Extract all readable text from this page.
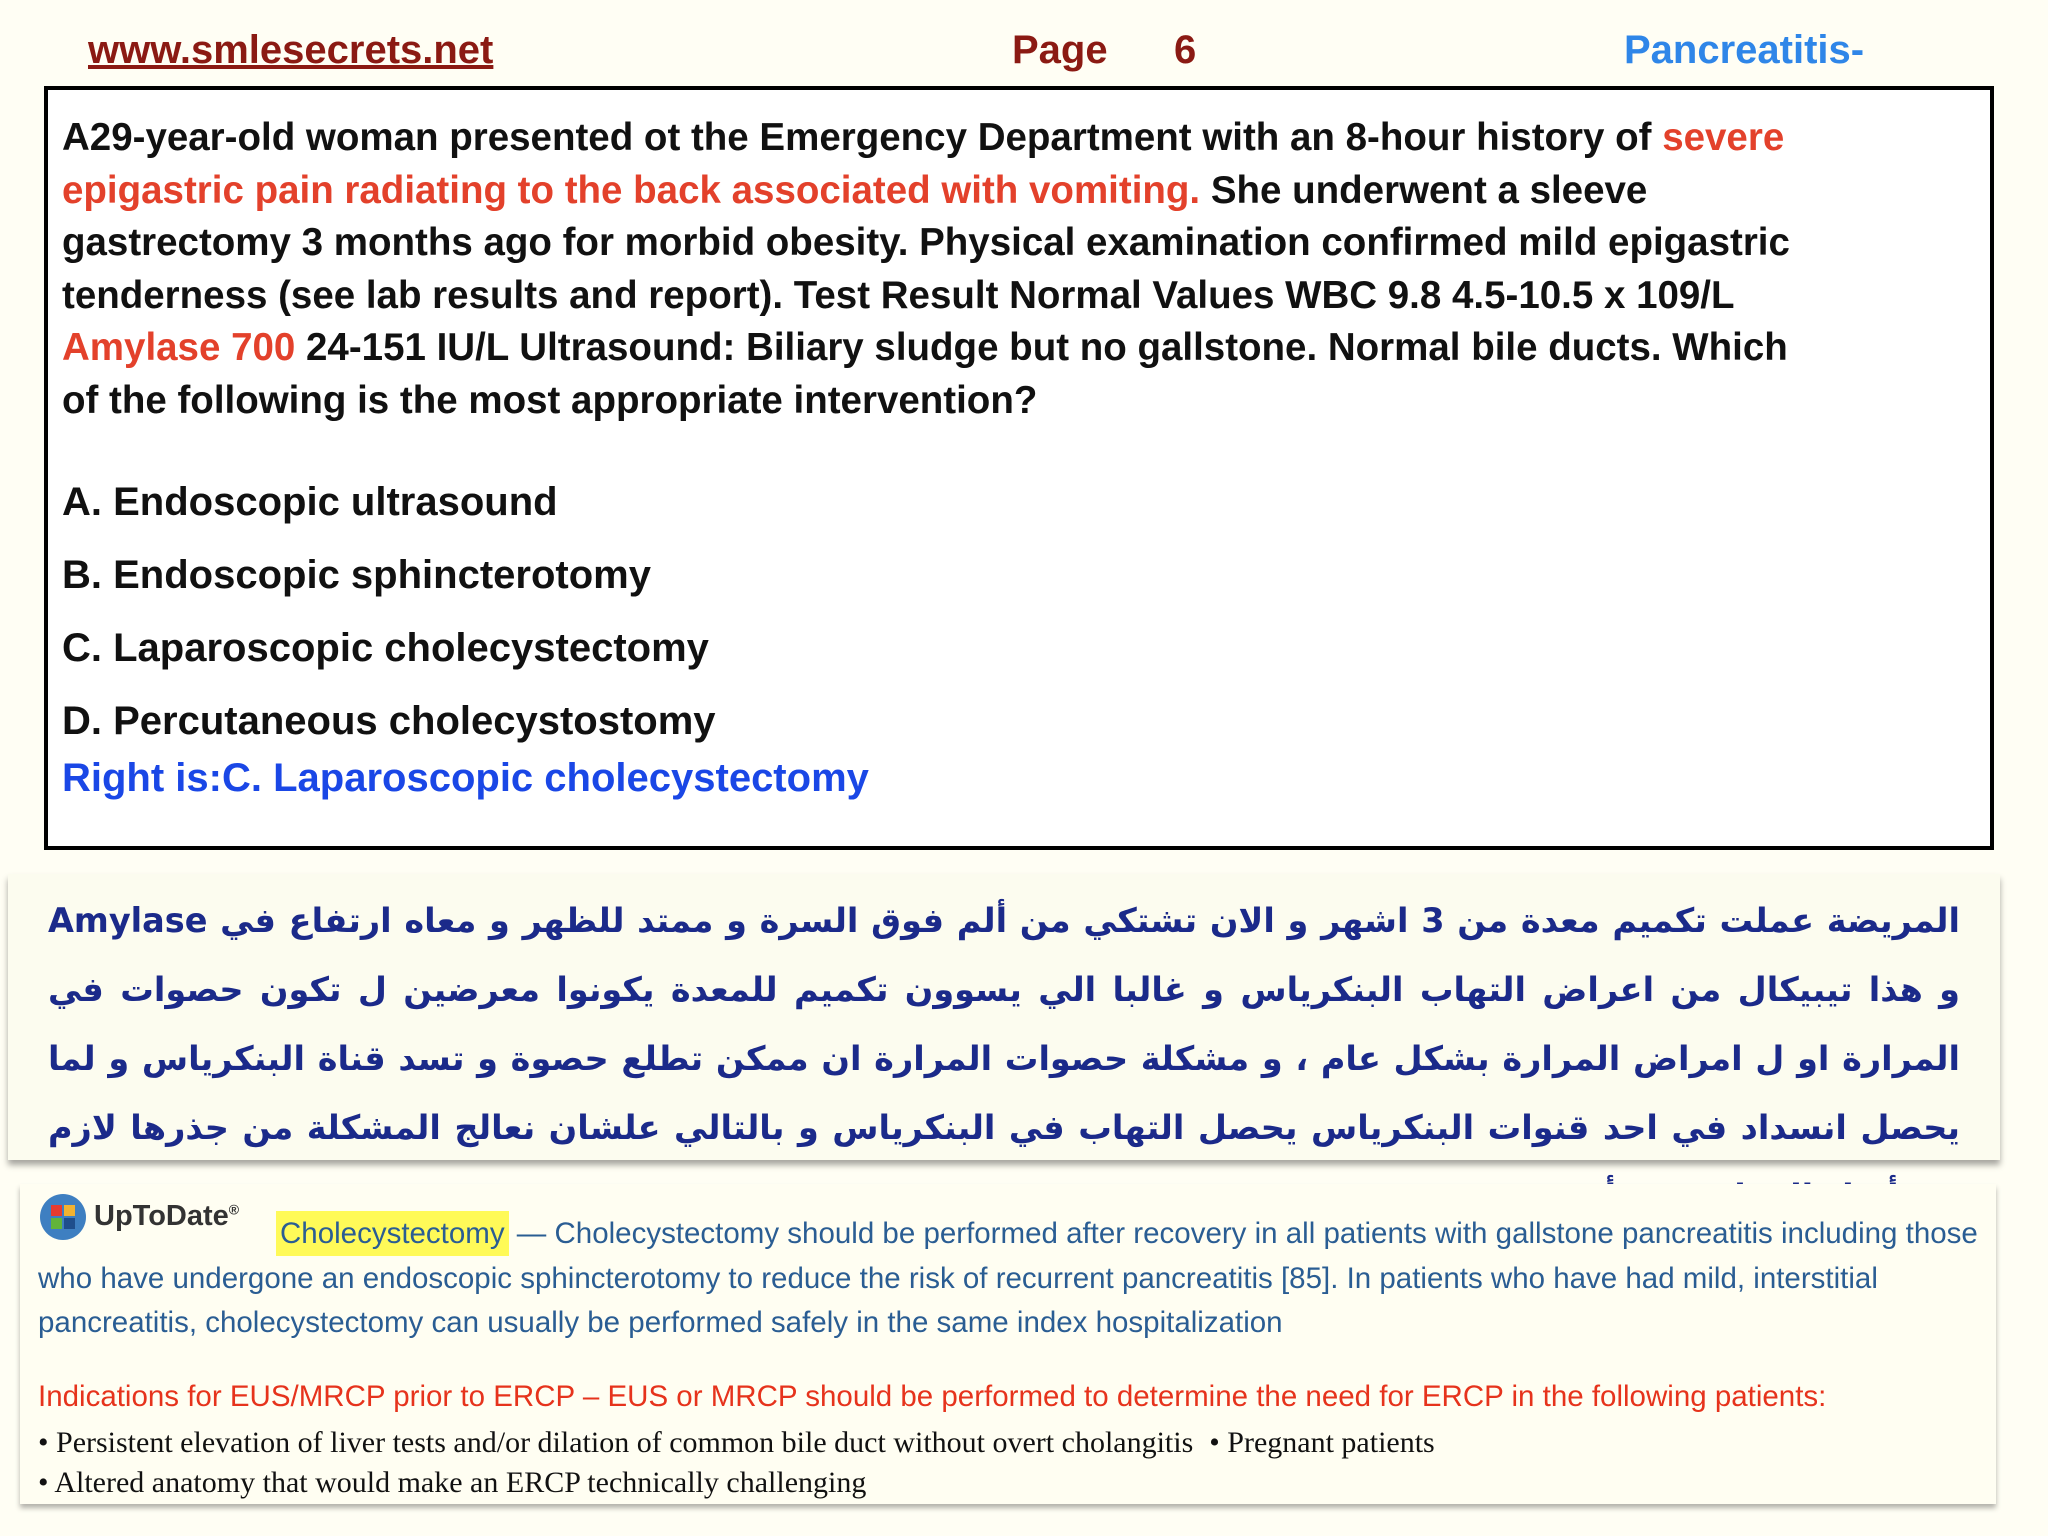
www.smlesecrets.net	Page 6	Pancreatitis-

A29-year-old woman presented ot the Emergency Department with an 8-hour history of severe
epigastric pain radiating to the back associated with vomiting. She underwent a sleeve
gastrectomy 3 months ago for morbid obesity. Physical examination confirmed mild epigastric
tenderness (see lab results and report). Test Result Normal Values WBC 9.8 4.5-10.5 x 109/L
Amylase 700 24-151 IU/L Ultrasound: Biliary sludge but no gallstone. Normal bile ducts. Which
of the following is the most appropriate intervention?

A. Endoscopic ultrasound
B. Endoscopic sphincterotomy
C. Laparoscopic cholecystectomy
D. Percutaneous cholecystostomy
Right is:C. Laparoscopic cholecystectomy

المريضة عملت تكميم معدة من 3 اشهر و الان تشتكي من ألم فوق السرة و ممتد للظهر و معاه ارتفاع في Amylase و هذا تيبيكال من اعراض التهاب البنكرياس و غالبا الي يسوون تكميم للمعدة يكونوا معرضين ل تكون حصوات في المرارة او ل امراض المرارة بشكل عام ، و مشكلة حصوات المرارة ان ممكن تطلع حصوة و تسد قناة البنكرياس و لما يحصل انسداد في احد قنوات البنكرياس يحصل التهاب في البنكرياس و بالتالي علشان نعالج المشكلة من جذرها لازم

UpToDate®

Cholecystectomy — Cholecystectomy should be performed after recovery in all patients with gallstone pancreatitis including those who have undergone an endoscopic sphincterotomy to reduce the risk of recurrent pancreatitis [85]. In patients who have had mild, interstitial pancreatitis, cholecystectomy can usually be performed safely in the same index hospitalization

Indications for EUS/MRCP prior to ERCP – EUS or MRCP should be performed to determine the need for ERCP in the following patients:
• Persistent elevation of liver tests and/or dilation of common bile duct without overt cholangitis • Pregnant patients
• Altered anatomy that would make an ERCP technically challenging
